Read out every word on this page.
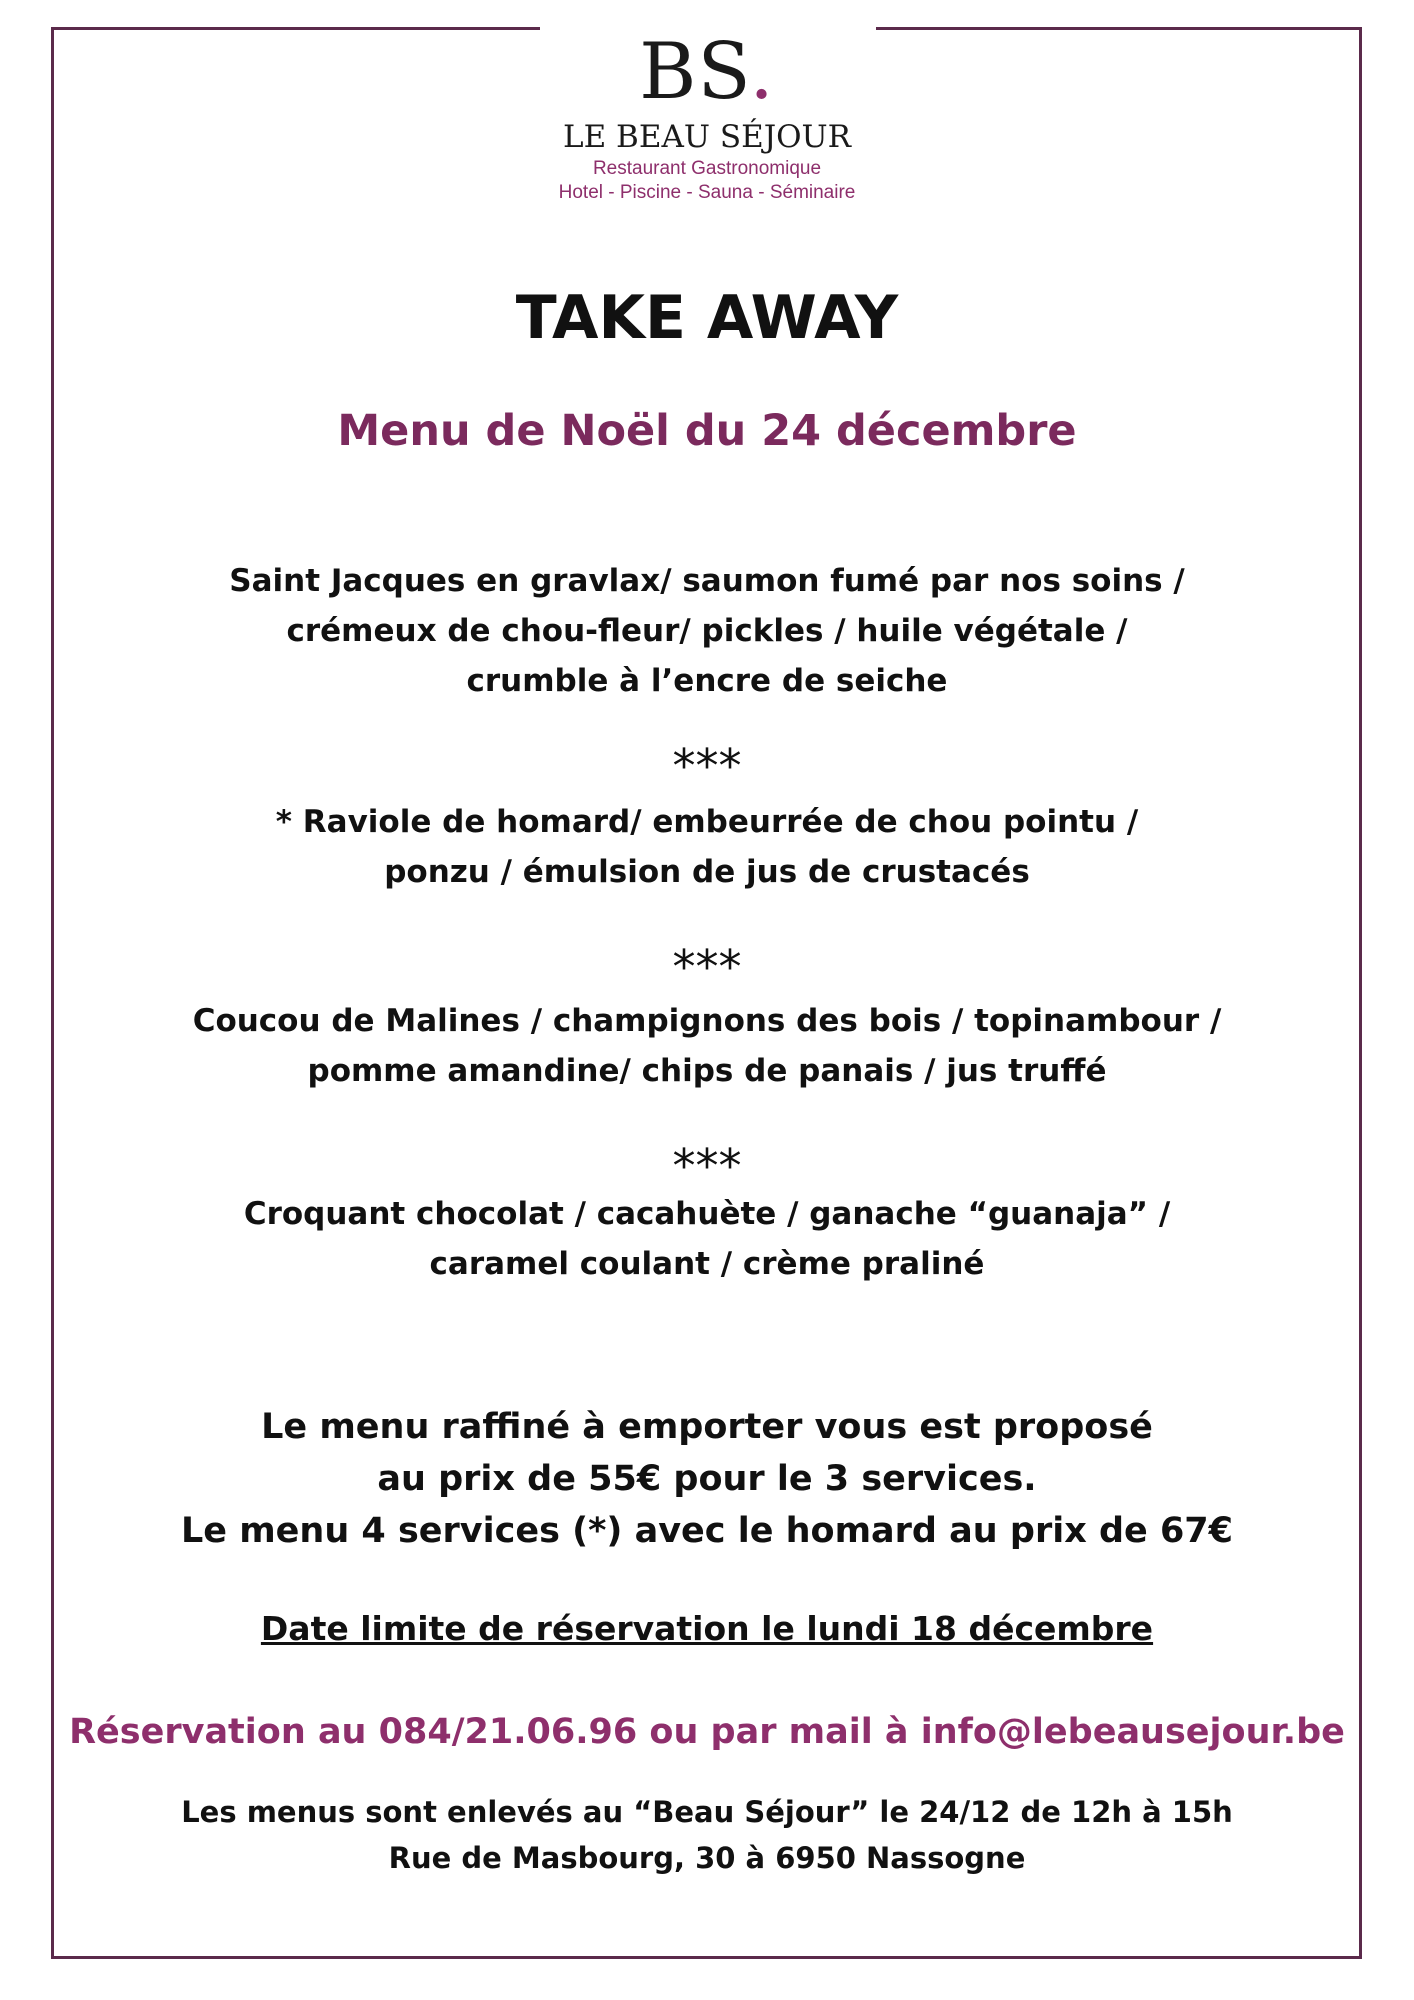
BS.
LE BEAU SÉJOUR
Restaurant Gastronomique
Hotel - Piscine - Sauna - Séminaire
TAKE AWAY
Menu de Noël du 24 décembre
Saint Jacques en gravlax/ saumon fumé par nos soins /
crémeux de chou-fleur/ pickles / huile végétale /
crumble à l’encre de seiche
***
* Raviole de homard/ embeurrée de chou pointu /
ponzu / émulsion de jus de crustacés
***
Coucou de Malines / champignons des bois / topinambour /
pomme amandine/ chips de panais / jus truffé
***
Croquant chocolat / cacahuète / ganache “guanaja” /
caramel coulant / crème praliné
Le menu raffiné à emporter vous est proposé
au prix de 55€ pour le 3 services.
Le menu 4 services (*) avec le homard au prix de 67€
Date limite de réservation le lundi 18 décembre
Réservation au 084/21.06.96 ou par mail à info@lebeausejour.be
Les menus sont enlevés au “Beau Séjour” le 24/12 de 12h à 15h
Rue de Masbourg, 30 à 6950 Nassogne
